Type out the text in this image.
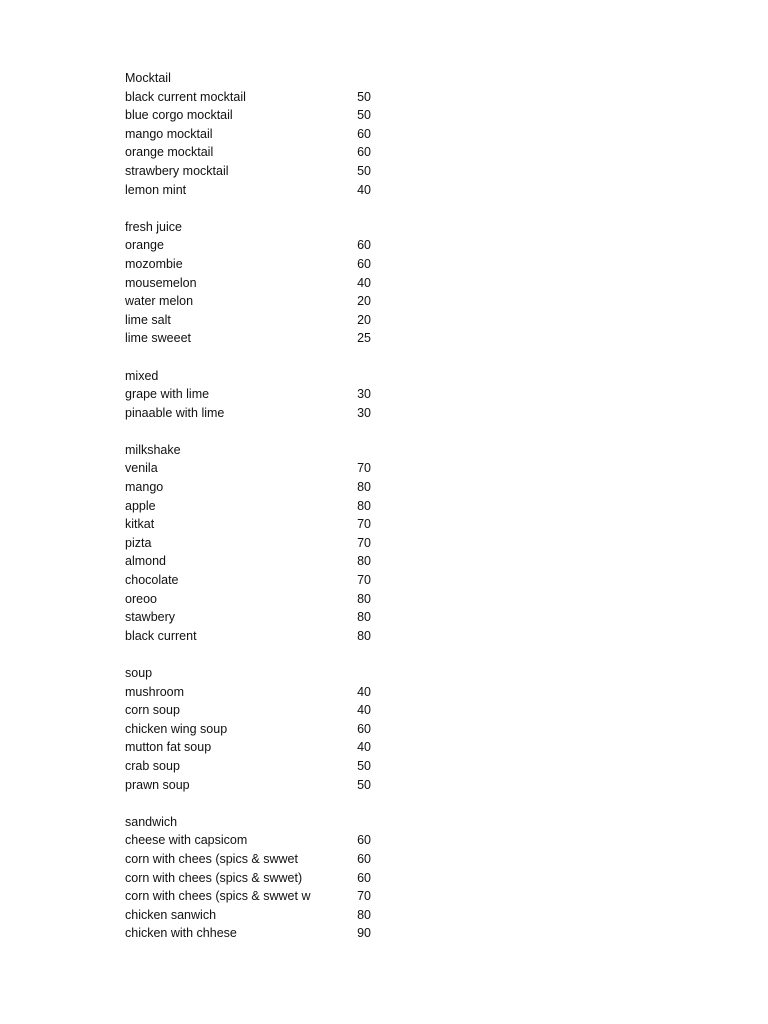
Mocktail
black current mocktail	50
blue corgo mocktail	50
mango mocktail	60
orange mocktail	60
strawbery mocktail	50
lemon mint	40
fresh juice
orange	60
mozombie	60
mousemelon	40
water melon	20
lime salt	20
lime sweeet	25
mixed
grape with lime	30
pinaable with lime	30
milkshake
venila	70
mango	80
apple	80
kitkat	70
pizta	70
almond	80
chocolate	70
oreoo	80
stawbery	80
black current	80
soup
mushroom	40
corn soup	40
chicken wing soup	60
mutton fat soup	40
crab soup	50
prawn soup	50
sandwich
cheese with capsicom	60
corn with chees (spics & swwet	60
corn with chees (spics & swwet)	60
corn with chees (spics & swwet w	70
chicken sanwich	80
chicken with chhese	90
